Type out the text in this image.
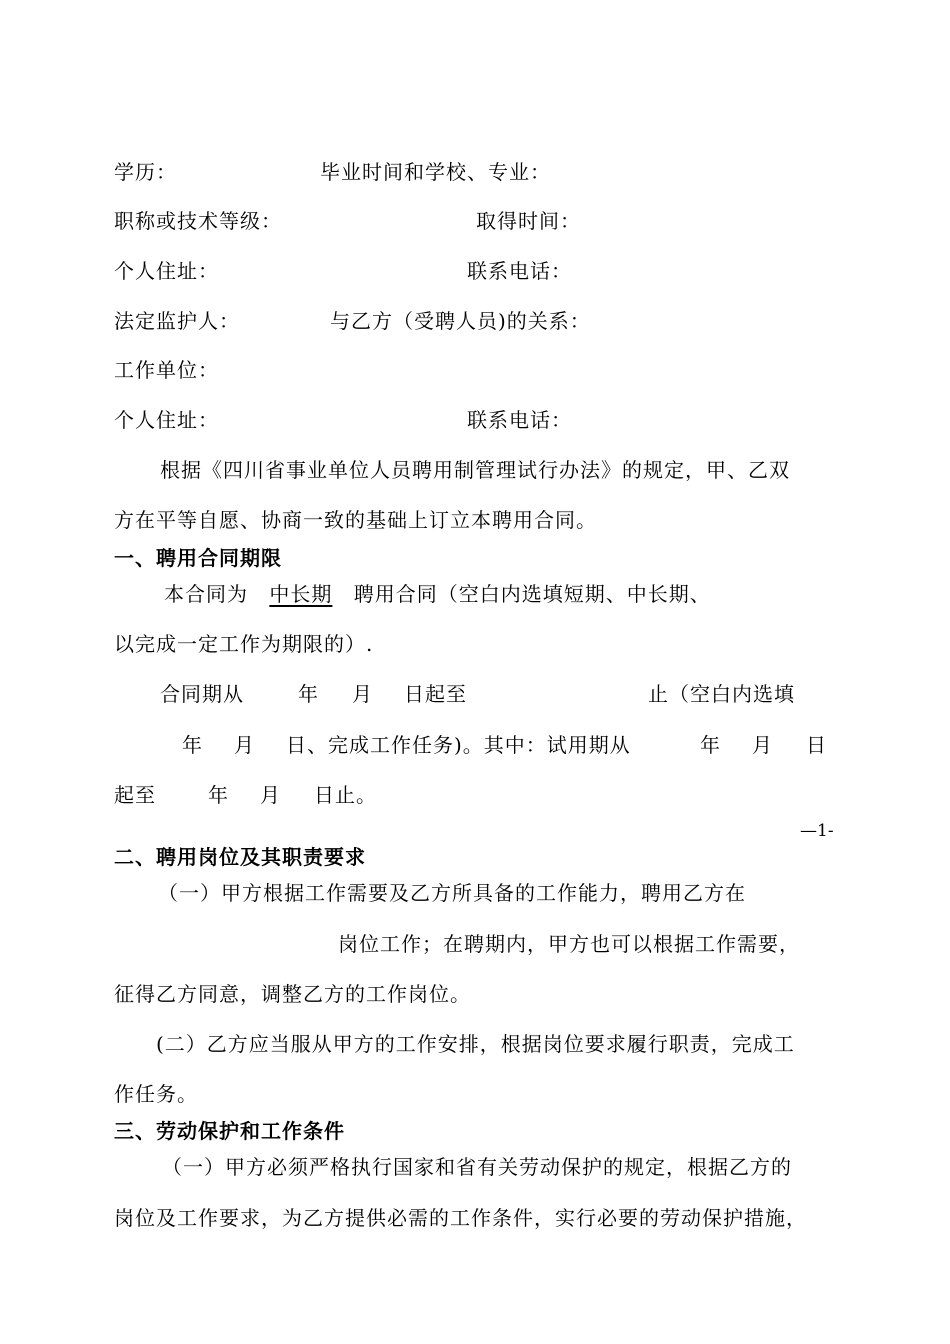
学历：	毕业时间和学校、专业：
职称或技术等级：	取得时间：
个人住址：	联系电话：
法定监护人：	与乙方（受聘人员)的关系：
工作单位：
个人住址：	联系电话：
根据《四川省事业单位人员聘用制管理试行办法》的规定，甲、乙双
方在平等自愿、协商一致的基础上订立本聘用合同。
一、聘用合同期限
本合同为 中长期 聘用合同（空白内选填短期、中长期、
以完成一定工作为期限的）.
合同期从	年 月 日起至	止（空白内选填
年 月 日、完成工作任务)。其中：试用期从	年 月 日
起至	年 月 日止。
—1-
二、聘用岗位及其职责要求
（一）甲方根据工作需要及乙方所具备的工作能力，聘用乙方在
岗位工作；在聘期内，甲方也可以根据工作需要，
征得乙方同意，调整乙方的工作岗位。
(二）乙方应当服从甲方的工作安排，根据岗位要求履行职责，完成工
作任务。
三、劳动保护和工作条件
（一）甲方必须严格执行国家和省有关劳动保护的规定，根据乙方的
岗位及工作要求，为乙方提供必需的工作条件，实行必要的劳动保护措施，
